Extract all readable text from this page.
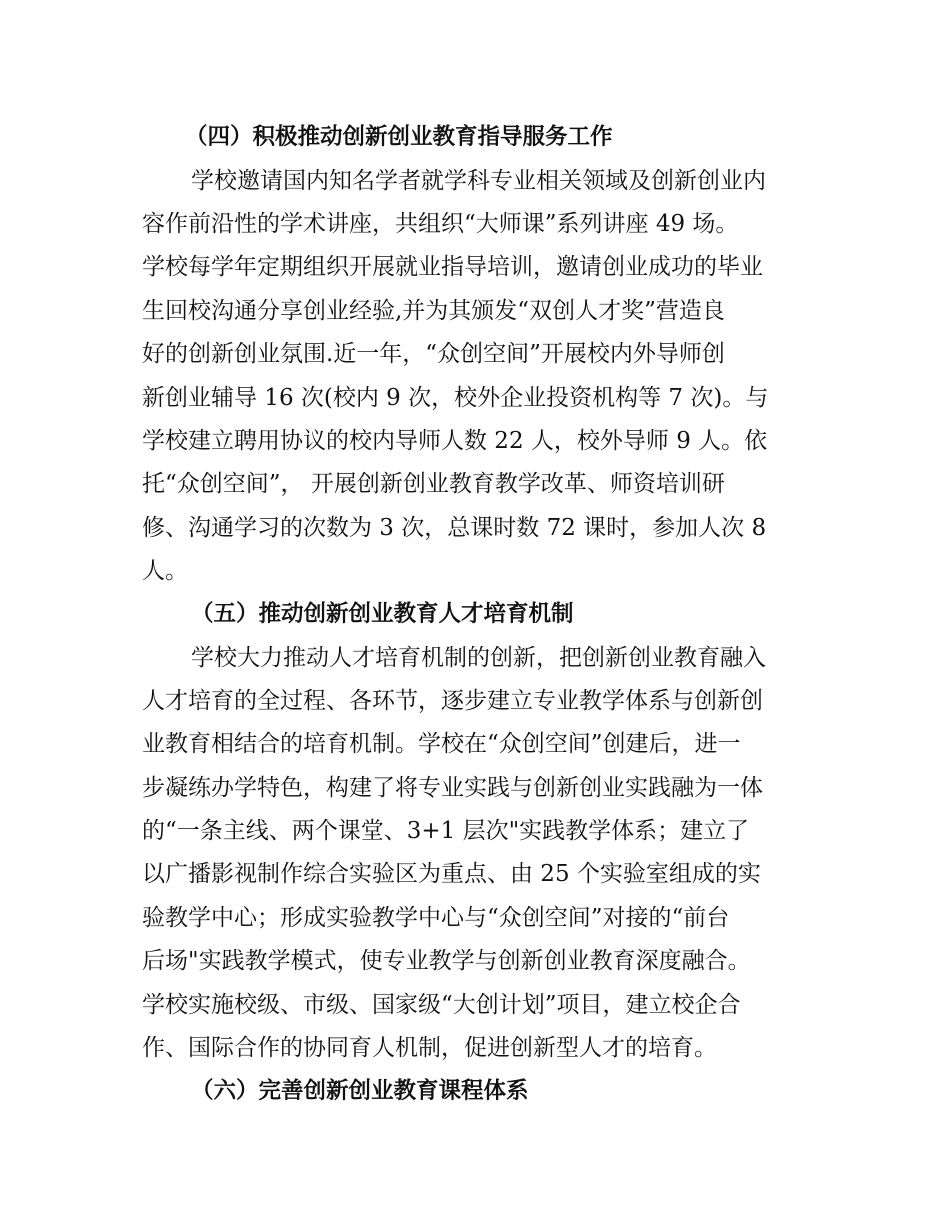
（四）积极推动创新创业教育指导服务工作
学校邀请国内知名学者就学科专业相关领域及创新创业内
容作前沿性的学术讲座，共组织“大师课”系列讲座 49 场。
学校每学年定期组织开展就业指导培训，邀请创业成功的毕业
生回校沟通分享创业经验,并为其颁发“双创人才奖”营造良
好的创新创业氛围.近一年，“众创空间”开展校内外导师创
新创业辅导 16 次(校内 9 次，校外企业投资机构等 7 次)。与
学校建立聘用协议的校内导师人数 22 人，校外导师 9 人。依
托“众创空间”， 开展创新创业教育教学改革、师资培训研
修、沟通学习的次数为 3 次，总课时数 72 课时，参加人次 8
人。
（五）推动创新创业教育人才培育机制
学校大力推动人才培育机制的创新，把创新创业教育融入
人才培育的全过程、各环节，逐步建立专业教学体系与创新创
业教育相结合的培育机制。学校在“众创空间”创建后，进一
步凝练办学特色，构建了将专业实践与创新创业实践融为一体
的“一条主线、两个课堂、3+1 层次"实践教学体系；建立了
以广播影视制作综合实验区为重点、由 25 个实验室组成的实
验教学中心；形成实验教学中心与“众创空间”对接的“前台
后场"实践教学模式，使专业教学与创新创业教育深度融合。
学校实施校级、市级、国家级“大创计划”项目，建立校企合
作、国际合作的协同育人机制，促进创新型人才的培育。
（六）完善创新创业教育课程体系
